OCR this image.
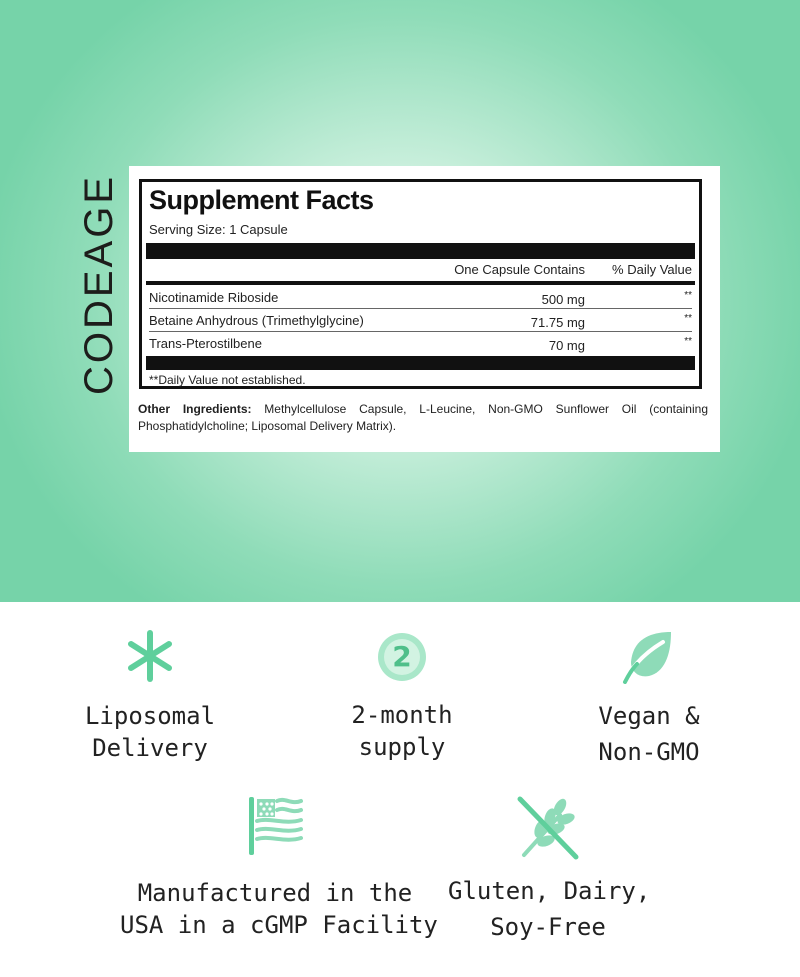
CODEAGE Supplement Facts
Serving Size: 1 Capsule
One Capsule Contains % Daily Value
Nicotinamide Riboside	500 mg	**
Betaine Anhydrous (Trimethylglycine)	71.75 mg	**
Trans-Pterostilbene	70 mg	**
**Daily Value not established.
Other Ingredients: Methylcellulose Capsule, L-Leucine, Non-GMO Sunflower Oil (containing Phosphatidylcholine; Liposomal Delivery Matrix).
Liposomal
Delivery
2
2-month
supply
Vegan &
Non-GMO
Manufactured in the
USA in a cGMP Facility
Gluten, Dairy,
Soy-Free
